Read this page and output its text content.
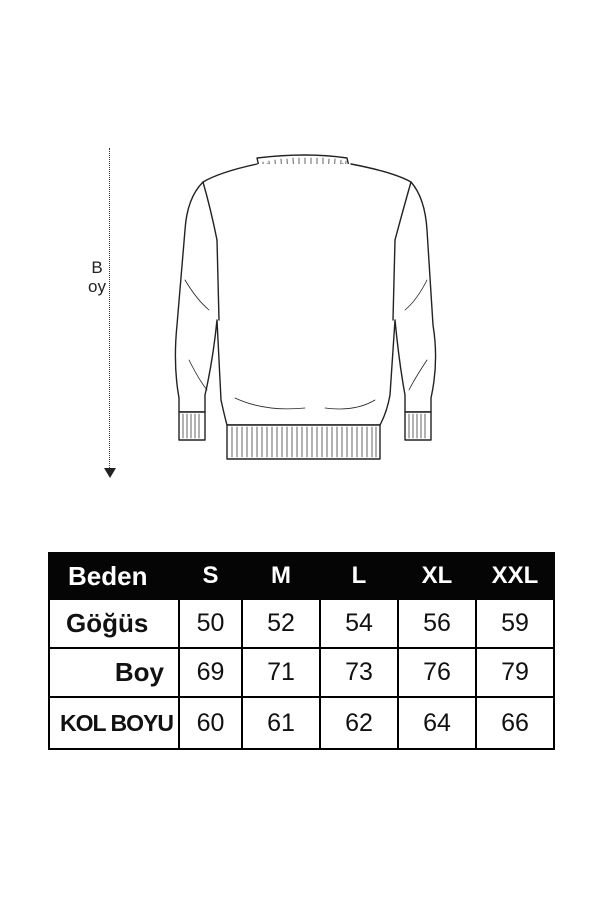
Boy
Beden	S	M	L	XL	XXL
Göğüs	50	52	54	56	59
Boy	69	71	73	76	79
KOL BOYU	60	61	62	64	66
